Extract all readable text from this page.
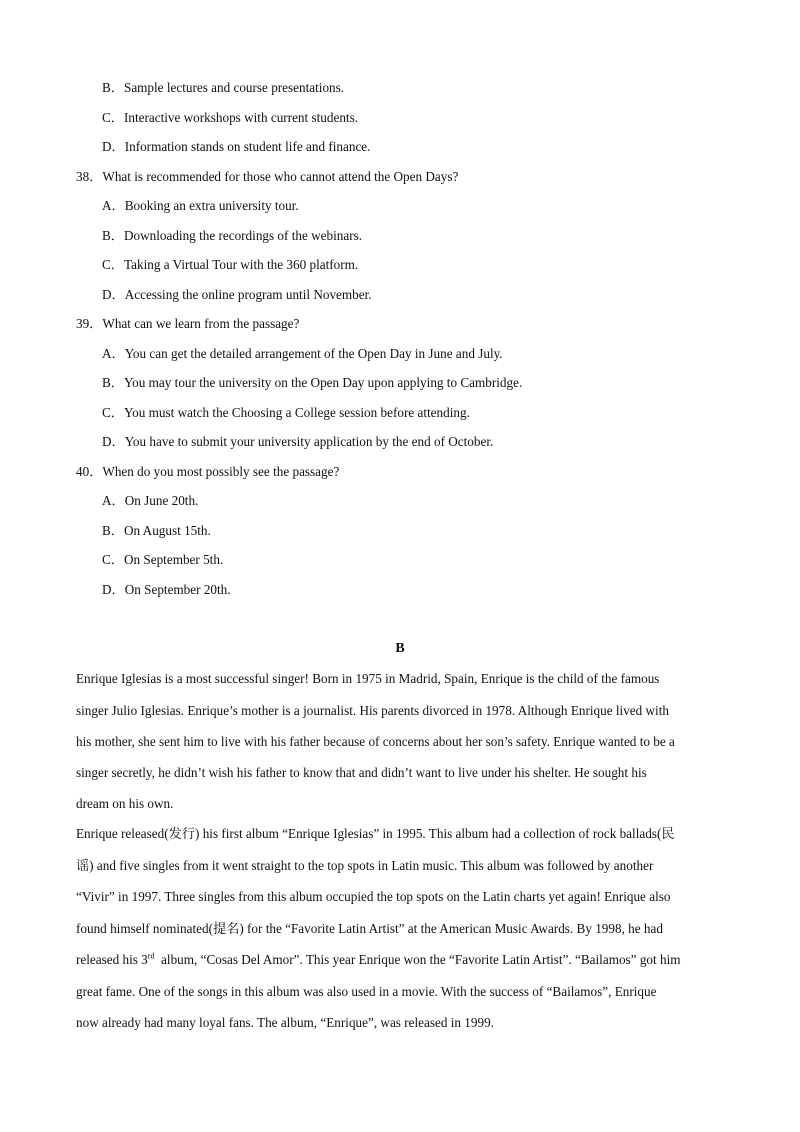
B．Sample lectures and course presentations.
C．Interactive workshops with current students.
D．Information stands on student life and finance.
38．What is recommended for those who cannot attend the Open Days?
A．Booking an extra university tour.
B．Downloading the recordings of the webinars.
C．Taking a Virtual Tour with the 360 platform.
D．Accessing the online program until November.
39．What can we learn from the passage?
A．You can get the detailed arrangement of the Open Day in June and July.
B．You may tour the university on the Open Day upon applying to Cambridge.
C．You must watch the Choosing a College session before attending.
D．You have to submit your university application by the end of October.
40．When do you most possibly see the passage?
A．On June 20th.
B．On August 15th.
C．On September 5th.
D．On September 20th.
B
Enrique Iglesias is a most successful singer! Born in 1975 in Madrid, Spain, Enrique is the child of the famous
singer Julio Iglesias. Enrique’s mother is a journalist. His parents divorced in 1978. Although Enrique lived with
his mother, she sent him to live with his father because of concerns about her son’s safety. Enrique wanted to be a
singer secretly, he didn’t wish his father to know that and didn’t want to live under his shelter. He sought his
dream on his own.
Enrique released(发行) his first album “Enrique Iglesias” in 1995. This album had a collection of rock ballads(民
谣) and five singles from it went straight to the top spots in Latin music. This album was followed by another
“Vivir” in 1997. Three singles from this album occupied the top spots on the Latin charts yet again! Enrique also
found himself nominated(提名) for the “Favorite Latin Artist” at the American Music Awards. By 1998, he had
released his 3rd  album, “Cosas Del Amor”. This year Enrique won the “Favorite Latin Artist”. “Bailamos” got him
great fame. One of the songs in this album was also used in a movie. With the success of “Bailamos”, Enrique
now already had many loyal fans. The album, “Enrique”, was released in 1999.
